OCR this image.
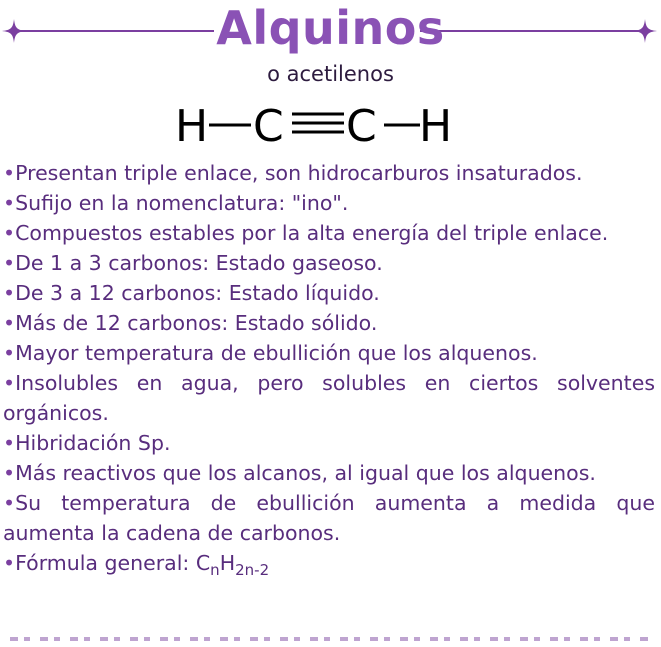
Alquinos
o acetilenos
H C C H
•Presentan triple enlace, son hidrocarburos insaturados.
•Sufijo en la nomenclatura: "ino".
•Compuestos estables por la alta energía del triple enlace.
•De 1 a 3 carbonos: Estado gaseoso.
•De 3 a 12 carbonos: Estado líquido.
•Más de 12 carbonos: Estado sólido.
•Mayor temperatura de ebullición que los alquenos.
•Insolubles en agua, pero solubles en ciertos solventes orgánicos.
•Hibridación Sp.
•Más reactivos que los alcanos, al igual que los alquenos.
•Su temperatura de ebullición aumenta a medida que aumenta la cadena de carbonos.
•Fórmula general: $C_nH_{2n-2}$
